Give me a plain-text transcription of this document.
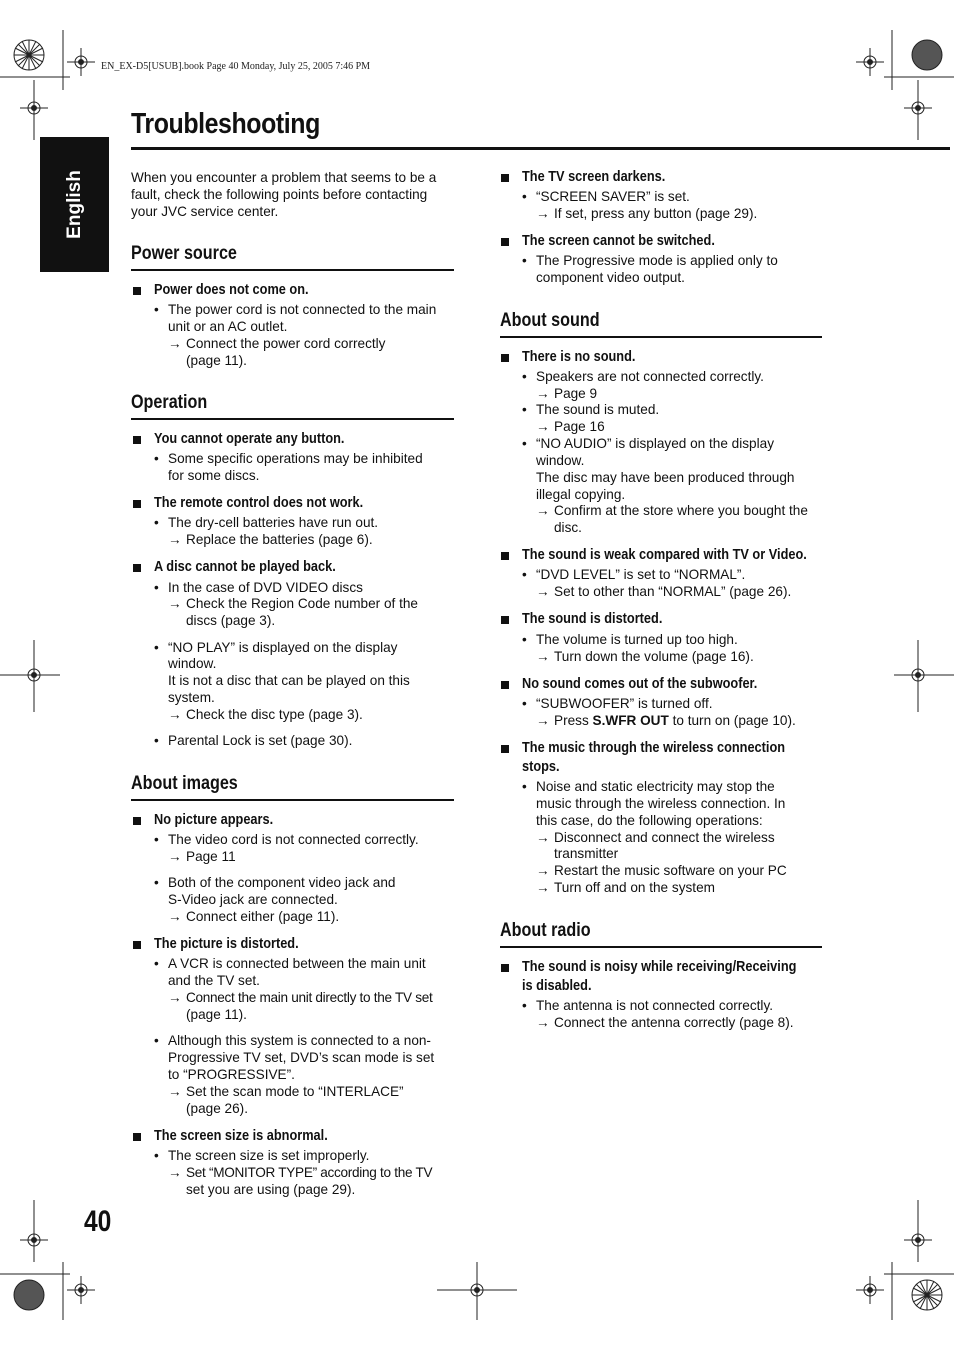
EN_EX-D5[USUB].book Page 40 Monday, July 25, 2005 7:46 PM
English
Troubleshooting
40
When you encounter a problem that seems to be a
fault, check the following points before contacting
your JVC service center.
Power source
Power does not come on.
• The power cord is not connected to the main
unit or an AC outlet.
→ Connect the power cord correctly
(page 11).
Operation
You cannot operate any button.
• Some specific operations may be inhibited
for some discs.
The remote control does not work.
• The dry-cell batteries have run out.
→ Replace the batteries (page 6).
A disc cannot be played back.
• In the case of DVD VIDEO discs
→ Check the Region Code number of the
discs (page 3).
• “NO PLAY” is displayed on the display
window.
It is not a disc that can be played on this
system.
→ Check the disc type (page 3).
• Parental Lock is set (page 30).
About images
No picture appears.
• The video cord is not connected correctly.
→ Page 11
• Both of the component video jack and
S-Video jack are connected.
→ Connect either (page 11).
The picture is distorted.
• A VCR is connected between the main unit
and the TV set.
→ Connect the main unit directly to the TV set
(page 11).
• Although this system is connected to a non-
Progressive TV set, DVD’s scan mode is set
to “PROGRESSIVE”.
→ Set the scan mode to “INTERLACE”
(page 26).
The screen size is abnormal.
• The screen size is set improperly.
→ Set “MONITOR TYPE” according to the TV
set you are using (page 29).
The TV screen darkens.
• “SCREEN SAVER” is set.
→ If set, press any button (page 29).
The screen cannot be switched.
• The Progressive mode is applied only to
component video output.
About sound
There is no sound.
• Speakers are not connected correctly.
→ Page 9
• The sound is muted.
→ Page 16
• “NO AUDIO” is displayed on the display
window.
The disc may have been produced through
illegal copying.
→ Confirm at the store where you bought the
disc.
The sound is weak compared with TV or Video.
• “DVD LEVEL” is set to “NORMAL”.
→ Set to other than “NORMAL” (page 26).
The sound is distorted.
• The volume is turned up too high.
→ Turn down the volume (page 16).
No sound comes out of the subwoofer.
• “SUBWOOFER” is turned off.
→ Press S.WFR OUT to turn on (page 10).
The music through the wireless connection
stops.
• Noise and static electricity may stop the
music through the wireless connection. In
this case, do the following operations:
→ Disconnect and connect the wireless
transmitter
→ Restart the music software on your PC
→ Turn off and on the system
About radio
The sound is noisy while receiving/Receiving
is disabled.
• The antenna is not connected correctly.
→ Connect the antenna correctly (page 8).
